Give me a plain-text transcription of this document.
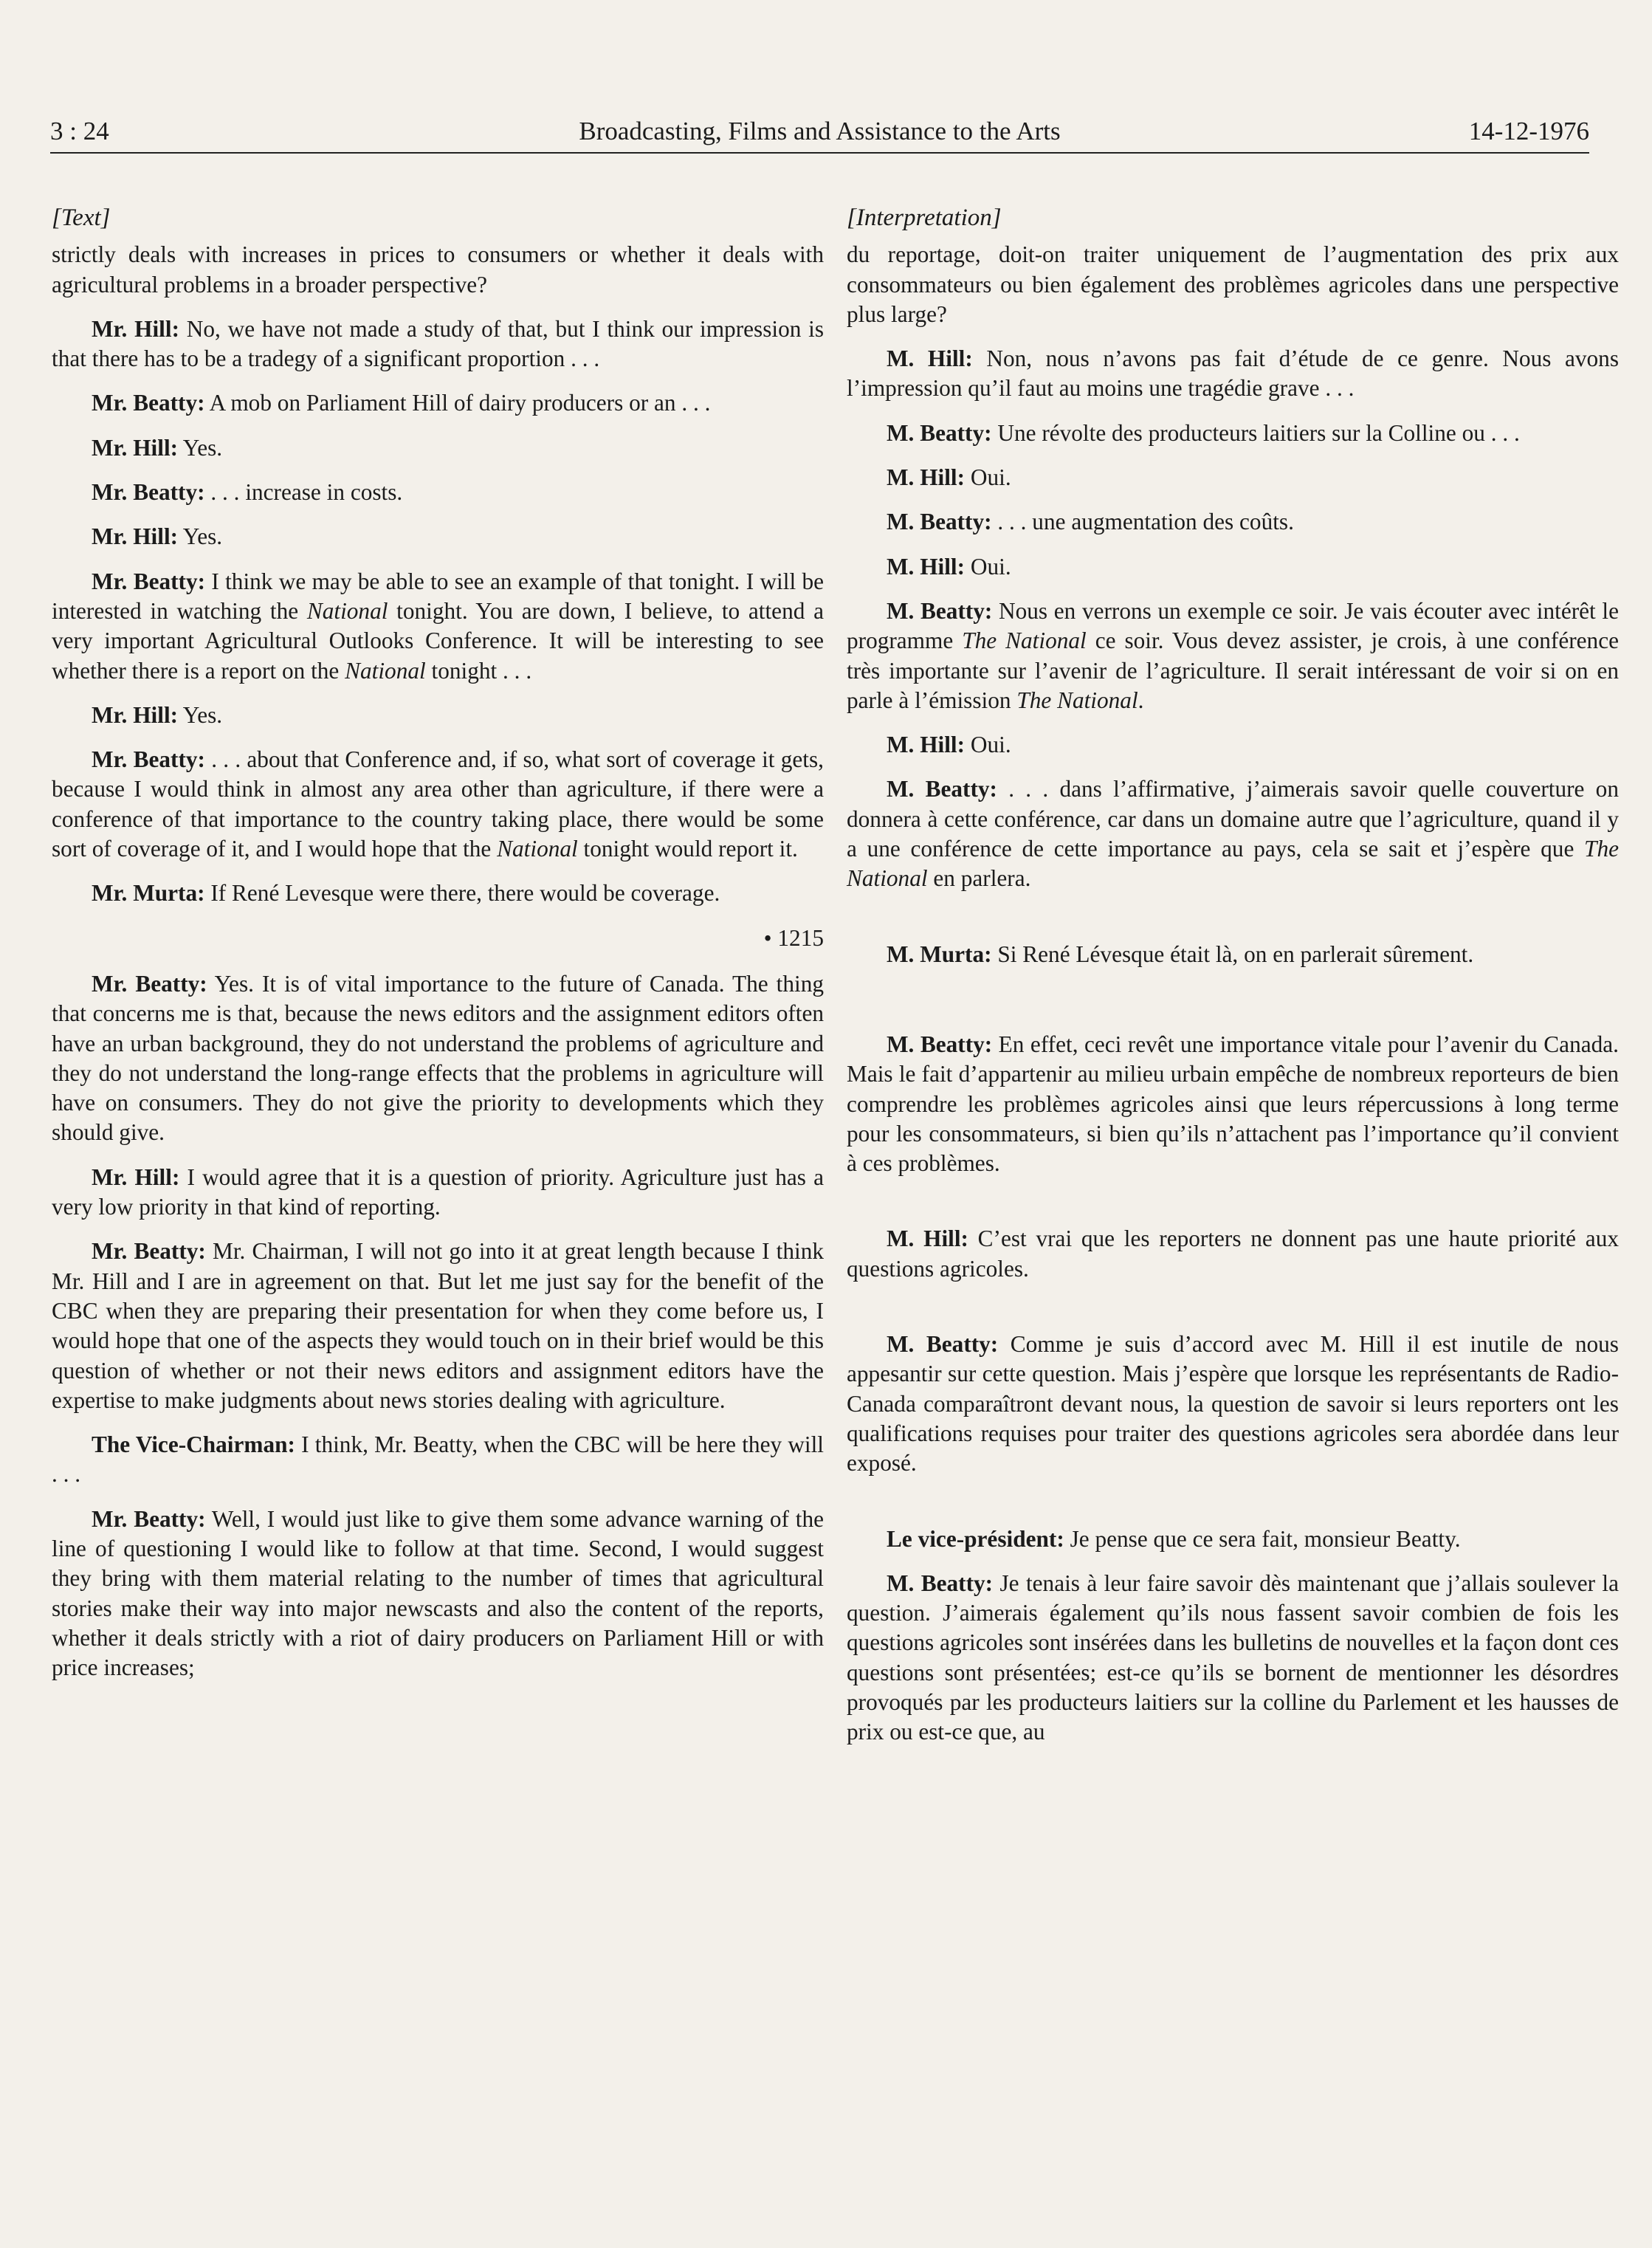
3 : 24	Broadcasting, Films and Assistance to the Arts	14-12-1976
[Text]

strictly deals with increases in prices to consumers or whether it deals with agricultural problems in a broader perspective?

Mr. Hill: No, we have not made a study of that, but I think our impression is that there has to be a tradegy of a significant proportion . . .

Mr. Beatty: A mob on Parliament Hill of dairy producers or an . . .

Mr. Hill: Yes.

Mr. Beatty: . . . increase in costs.

Mr. Hill: Yes.

Mr. Beatty: I think we may be able to see an example of that tonight. I will be interested in watching the National tonight. You are down, I believe, to attend a very important Agricultural Outlooks Conference. It will be interesting to see whether there is a report on the National tonight . . .

Mr. Hill: Yes.

Mr. Beatty: . . . about that Conference and, if so, what sort of coverage it gets, because I would think in almost any area other than agriculture, if there were a conference of that importance to the country taking place, there would be some sort of coverage of it, and I would hope that the National tonight would report it.

Mr. Murta: If René Levesque were there, there would be coverage.

• 1215

Mr. Beatty: Yes. It is of vital importance to the future of Canada. The thing that concerns me is that, because the news editors and the assignment editors often have an urban background, they do not understand the problems of agriculture and they do not understand the long-range effects that the problems in agriculture will have on consumers. They do not give the priority to developments which they should give.

Mr. Hill: I would agree that it is a question of priority. Agriculture just has a very low priority in that kind of reporting.

Mr. Beatty: Mr. Chairman, I will not go into it at great length because I think Mr. Hill and I are in agreement on that. But let me just say for the benefit of the CBC when they are preparing their presentation for when they come before us, I would hope that one of the aspects they would touch on in their brief would be this question of whether or not their news editors and assignment editors have the expertise to make judgments about news stories dealing with agriculture.

The Vice-Chairman: I think, Mr. Beatty, when the CBC will be here they will . . .

Mr. Beatty: Well, I would just like to give them some advance warning of the line of questioning I would like to follow at that time. Second, I would suggest they bring with them material relating to the number of times that agricultural stories make their way into major newscasts and also the content of the reports, whether it deals strictly with a riot of dairy producers on Parliament Hill or with price increases;

[Interpretation]

du reportage, doit-on traiter uniquement de l’augmentation des prix aux consommateurs ou bien également des problèmes agricoles dans une perspective plus large?

M. Hill: Non, nous n’avons pas fait d’étude de ce genre. Nous avons l’impression qu’il faut au moins une tragédie grave . . .

M. Beatty: Une révolte des producteurs laitiers sur la Colline ou . . .

M. Hill: Oui.

M. Beatty: . . . une augmentation des coûts.

M. Hill: Oui.

M. Beatty: Nous en verrons un exemple ce soir. Je vais écouter avec intérêt le programme The National ce soir. Vous devez assister, je crois, à une conférence très importante sur l’avenir de l’agriculture. Il serait intéressant de voir si on en parle à l’émission The National.

M. Hill: Oui.

M. Beatty: . . . dans l’affirmative, j’aimerais savoir quelle couverture on donnera à cette conférence, car dans un domaine autre que l’agriculture, quand il y a une conférence de cette importance au pays, cela se sait et j’espère que The National en parlera.

M. Murta: Si René Lévesque était là, on en parlerait sûrement.

M. Beatty: En effet, ceci revêt une importance vitale pour l’avenir du Canada. Mais le fait d’appartenir au milieu urbain empêche de nombreux reporteurs de bien comprendre les problèmes agricoles ainsi que leurs répercussions à long terme pour les consommateurs, si bien qu’ils n’attachent pas l’importance qu’il convient à ces problèmes.

M. Hill: C’est vrai que les reporters ne donnent pas une haute priorité aux questions agricoles.

M. Beatty: Comme je suis d’accord avec M. Hill il est inutile de nous appesantir sur cette question. Mais j’espère que lorsque les représentants de Radio-Canada comparaîtront devant nous, la question de savoir si leurs reporters ont les qualifications requises pour traiter des questions agricoles sera abordée dans leur exposé.

Le vice-président: Je pense que ce sera fait, monsieur Beatty.

M. Beatty: Je tenais à leur faire savoir dès maintenant que j’allais soulever la question. J’aimerais également qu’ils nous fassent savoir combien de fois les questions agricoles sont insérées dans les bulletins de nouvelles et la façon dont ces questions sont présentées; est-ce qu’ils se bornent de mentionner les désordres provoqués par les producteurs laitiers sur la colline du Parlement et les hausses de prix ou est-ce que, au
